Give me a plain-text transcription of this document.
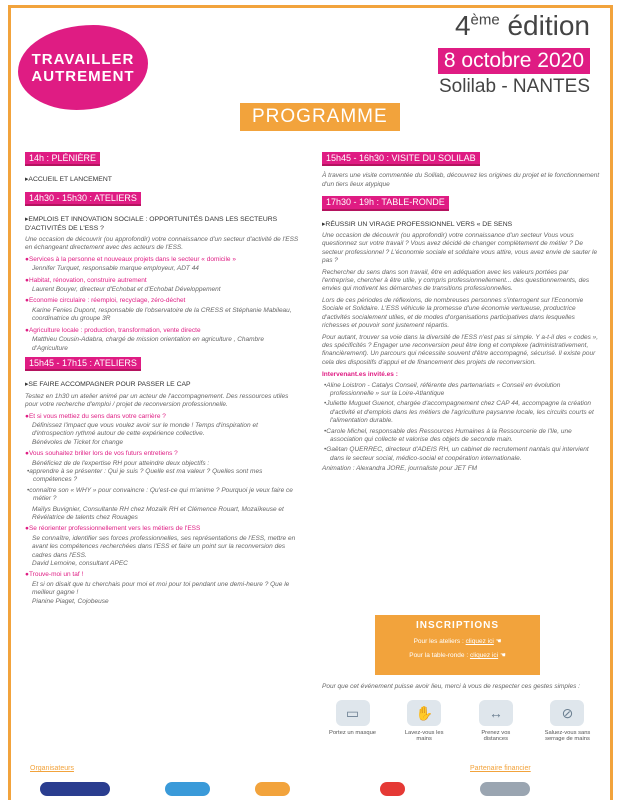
TRAVAILLER
AUTREMENT
4ème édition
8 octobre 2020
Solilab - NANTES
PROGRAMME
14h : PLÉNIÈRE
▸ ACCUEIL ET LANCEMENT
14h30 - 15h30 : ATELIERS
▸ EMPLOIS ET INNOVATION SOCIALE : OPPORTUNITÉS DANS LES SECTEURS D'ACTIVITÉS DE L'ESS ?
Une occasion de découvrir (ou approfondir) votre connaissance d'un secteur d'activité de l'ESS en échangeant directement avec des acteurs de l'ESS.
● Services à la personne et nouveaux projets dans le secteur « domicile »
Jennifer Turquet, responsable marque employeur, ADT 44
● Habitat, rénovation, construire autrement
Laurent Bouyer, directeur d'Echobat et d'Echobat Développement
● Economie circulaire : réemploi, recyclage, zéro-déchet
Karine Fenies Dupont, responsable de l'observatoire de la CRESS et Stéphanie Mabileau, coordinatrice du groupe 3R
● Agriculture locale : production, transformation, vente directe
Matthieu Cousin-Adabra, chargé de mission orientation en agriculture , Chambre d'Agriculture
15h45 - 17h15 : ATELIERS
▸ SE FAIRE ACCOMPAGNER POUR PASSER LE CAP
Testez en 1h30 un atelier animé par un acteur de l'accompagnement. Des ressources utiles pour votre recherche d'emploi / projet de reconversion professionnelle.
● Et si vous mettiez du sens dans votre carrière ?
Définissez l'impact que vous voulez avoir sur le monde ! Temps d'inspiration et d'introspection rythmé autour de cette expérience collective.
Bénévoles de Ticket for change
● Vous souhaitez briller lors de vos futurs entretiens ?
Bénéficiez de de l'expertise RH pour atteindre deux objectifs :
• apprendre à se présenter : Qui je suis ? Quelle est ma valeur ? Quelles sont mes compétences ?
• connaître son « WHY » pour convaincre : Qu'est-ce qui m'anime ? Pourquoi je veux faire ce métier ?
Maïlys Buvignier, Consultante RH chez Mozaïk RH et Clémence Rouart, Mozaïkeuse et Révélatrice de talents chez Rouages
● Se réorienter professionnellement vers les métiers de l'ESS
Se connaître, identifier ses forces professionnelles, ses représentations de l'ESS, mettre en avant les compétences recherchées dans l'ESS et faire un point sur la reconversion des cadres dans l'ESS.
David Lemoine, consultant APEC
● Trouve-moi un taf !
Et si on disait que tu cherchais pour moi et moi pour toi pendant une demi-heure ? Que le meilleur gagne !
Pianine Piaget, Cojobeuse
15h45 - 16h30 : VISITE DU SOLILAB
À travers une visite commentée du Solilab, découvrez les origines du projet et le fonctionnement d'un tiers lieux atypique
17h30 - 19h : TABLE-RONDE
▸ RÉUSSIR UN VIRAGE PROFESSIONNEL VERS « DE SENS
Une occasion de découvrir (ou approfondir) votre connaissance d'un secteur Vous vous questionnez sur votre travail ? Vous avez décidé de changer complètement de métier ? De secteur professionnel ? L'économie sociale et solidaire vous attire, vous avez envie de sauter le pas ?
Rechercher du sens dans son travail, être en adéquation avec les valeurs portées par l'entreprise, chercher à être utile, y compris professionnellement... des questionnements, des envies qui motivent les démarches de transitions professionnelles.
Lors de ces périodes de réflexions, de nombreuses personnes s'interrogent sur l'Economie Sociale et Solidaire. L'ESS véhicule la promesse d'une économie vertueuse, productrice d'activités socialement utiles, et de modes d'organisations participatives dans lesquelles richesses et pouvoir sont justement répartis.
Pour autant, trouver sa voie dans la diversité de l'ESS n'est pas si simple. Y a-t-il des « codes », des spécificités ? Engager une reconversion peut être long et complexe (administrativement, financièrement). Un parcours qui nécessite souvent d'être accompagné, sécurisé. Il existe pour cela des dispositifs d'appui et de financement des projets de reconversion.
Intervenant.es invité.es :
• Aline Loistron - Catalys Conseil, référente des partenariats « Conseil en évolution professionnelle » sur la Loire-Atlantique
• Juliette Muguet Guenot, chargée d'accompagnement chez CAP 44, accompagne la création d'activité et d'emplois dans les métiers de l'agriculture paysanne locale, les circuits courts et l'alimentation durable.
• Carole Michel, responsable des Ressources Humaines à la Ressourcerie de l'Ile, une association qui collecte et valorise des objets de seconde main.
• Gaëtan QUERREC, directeur d'ADEIS RH, un cabinet de recrutement nantais qui intervient dans le secteur social, médico-social et coopération internationale.
Animation : Alexandra JORE, journaliste pour JET FM
INSCRIPTIONS
Pour les ateliers : cliquez ici ☚
Pour la table-ronde : cliquez ici ☚
Pour que cet événement puisse avoir lieu, merci à vous de respecter ces gestes simples :
▭
Portez un masque
✋
Lavez-vous les mains
↔
Prenez vos distances
⊘
Saluez-vous sans serrage de mains
Organisateurs	Partenaire financier
